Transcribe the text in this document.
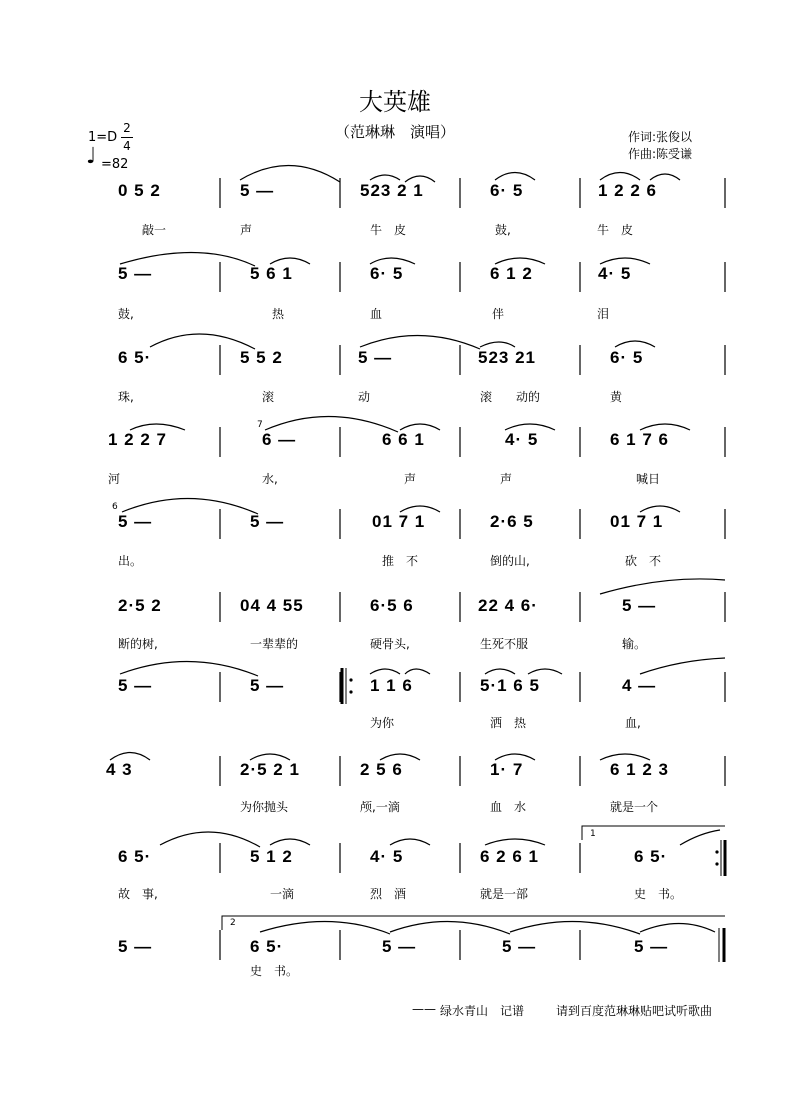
大英雄
（范琳琳　演唱）	作词:张俊以
作曲:陈受谦
1=D
2
4
♩ =82
0 5 2	5 —	523 2 1	6· 5	1 2 2 6
敲一	声	牛　皮	鼓,	牛　皮
5 —	5 6 1	6· 5	6 1 2	4· 5
鼓,	热	血	伴	泪
6 5·	5 5 2	5 —	523 21	6· 5
珠,	滚	动	滚　　动的	黄
1 2 2 7
7
6 —	6 6 1	4· 5	6 1 7 6
河	水,	声	声	喊日
6
5 —	5 —	01 7 1	2·6 5	01 7 1
出。	推　不	倒的山,	砍　不
2·5 2	04 4 55	6·5 6	22 4 6·	5 —
断的树,	一辈辈的	硬骨头,	生死不服	输。
5 —	5 —	1 1 6	5·1 6 5	4 —
为你	洒　热	血,
4 3	2·5 2 1	2 5 6	1· 7	6 1 2 3
为你抛头	颅,一滴	血　水	就是一个
1
6 5·	5 1 2	4· 5	6 2 6 1	6 5·
故　事,	一滴	烈　酒	就是一部	史　书。
2
5 —	6 5·	5 —	5 —	5 —
史　书。
—— 绿水青山　记谱	请到百度范琳琳贴吧试听歌曲
